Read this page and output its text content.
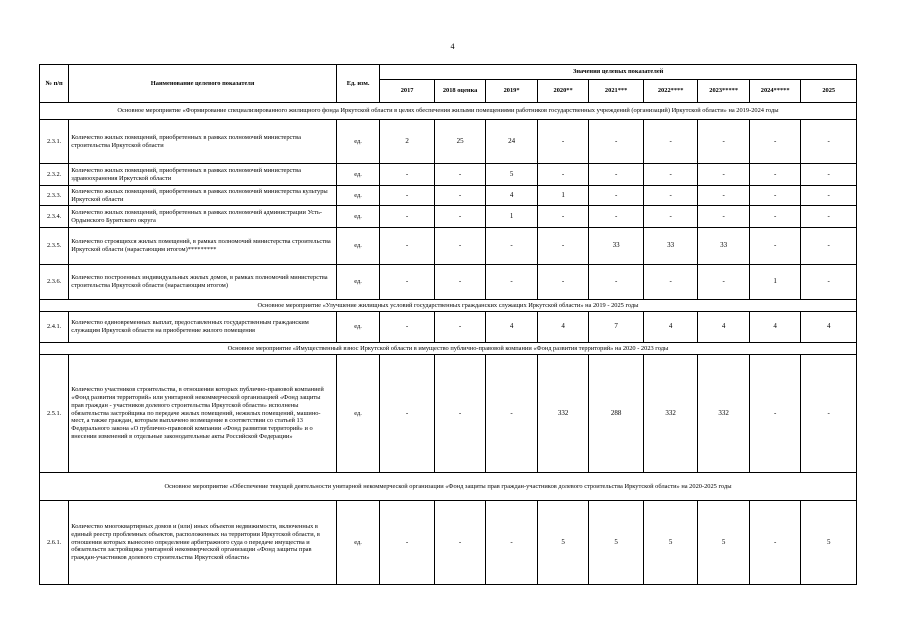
4
№ п/п	Наименование целевого показателя	Ед. изм.	Значения целевых показателей								
			2017	2018 оценка	2019*	2020**	2021***	2022****	2023*****	2024*****	2025
Основное мероприятие «Формирование специализированного жилищного фонда Иркутской области в целях обеспечения жилыми помещениями работников государственных учреждений (организаций) Иркутской области» на 2019-2024 годы											
2.3.1.	Количество жилых помещений, приобретенных в рамках полномочий министерства строительства Иркутской области	ед.	2	25	24	-	-	-	-	-	-
2.3.2.	Количество жилых помещений, приобретенных в рамках полномочий министерства здравоохранения Иркутской области	ед.	-	-	5	-	-	-	-	-	-
2.3.3.	Количество жилых помещений, приобретенных в рамках полномочий министерства культуры Иркутской области	ед.	-	-	4	1	-	-	-	-	-
2.3.4.	Количество жилых помещений, приобретенных в рамках полномочий администрации Усть-Ордынского Бурятского округа	ед.	-	-	1	-	-	-	-	-	-
2.3.5.	Количество строящихся жилых помещений, в рамках полномочий министерства строительства Иркутской области (нарастающим итогом)*********	ед.	-	-	-	-	33	33	33	-	-
2.3.6.	Количество построенных индивидуальных жилых домов, в рамках полномочий министерства строительства Иркутской области (нарастающим итогом)	ед.	-	-	-	-	-	-	-	1	-
Основное мероприятие «Улучшение жилищных условий государственных гражданских служащих Иркутской области» на 2019 - 2025 годы											
2.4.1.	Количество единовременных выплат, предоставленных государственным гражданским служащим Иркутской области на приобретение жилого помещения	ед.	-	-	4	4	7	4	4	4	4
Основное мероприятие «Имущественный взнос Иркутской области в имущество публично-правовой компании «Фонд развития территорий» на 2020 - 2023 годы											
2.5.1.	Количество участников строительства, в отношении которых публично-правовой компанией «Фонд развития территорий» или унитарной некоммерческой организацией «Фонд защиты прав граждан - участников долевого строительства Иркутской области» исполнены обязательства застройщика по передаче жилых помещений, нежилых помещений, машино-мест, а также граждан, которым выплачено возмещение в соответствии со статьей 13 Федерального закона «О публично-правовой компании «Фонд развития территорий» и о внесении изменений в отдельные законодательные акты Российской Федерации»	ед.	-	-	-	332	288	332	332	-	-
Основное мероприятие «Обеспечение текущей деятельности унитарной некоммерческой организации «Фонд защиты прав граждан-участников долевого строительства Иркутской области» на 2020-2025 годы											
2.6.1.	Количество многоквартирных домов и (или) иных объектов недвижимости, включенных в единый реестр проблемных объектов, расположенных на территории Иркутской области, в отношении которых вынесено определение арбитражного суда о передаче имущества и обязательств застройщика унитарной некоммерческой организации «Фонд защиты прав граждан-участников долевого строительства Иркутской области»	ед.	-	-	-	5	5	5	5	-	5
